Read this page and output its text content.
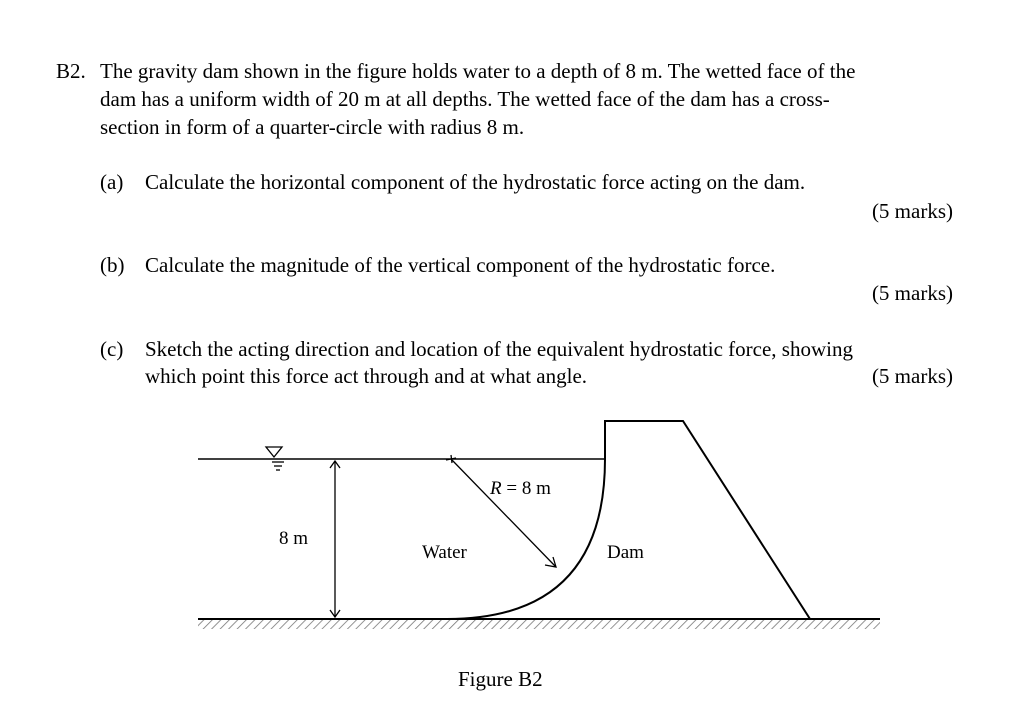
B2. The gravity dam shown in the figure holds water to a depth of 8 m. The wetted face of the
dam has a uniform width of 20 m at all depths. The wetted face of the dam has a cross-
section in form of a quarter-circle with radius 8 m.
(a) Calculate the horizontal component of the hydrostatic force acting on the dam.
(5 marks)
(b) Calculate the magnitude of the vertical component of the hydrostatic force.
(5 marks)
(c) Sketch the acting direction and location of the equivalent hydrostatic force, showing
which point this force act through and at what angle.	(5 marks)
8 m
R = 8 m
Water	Dam
Figure B2
